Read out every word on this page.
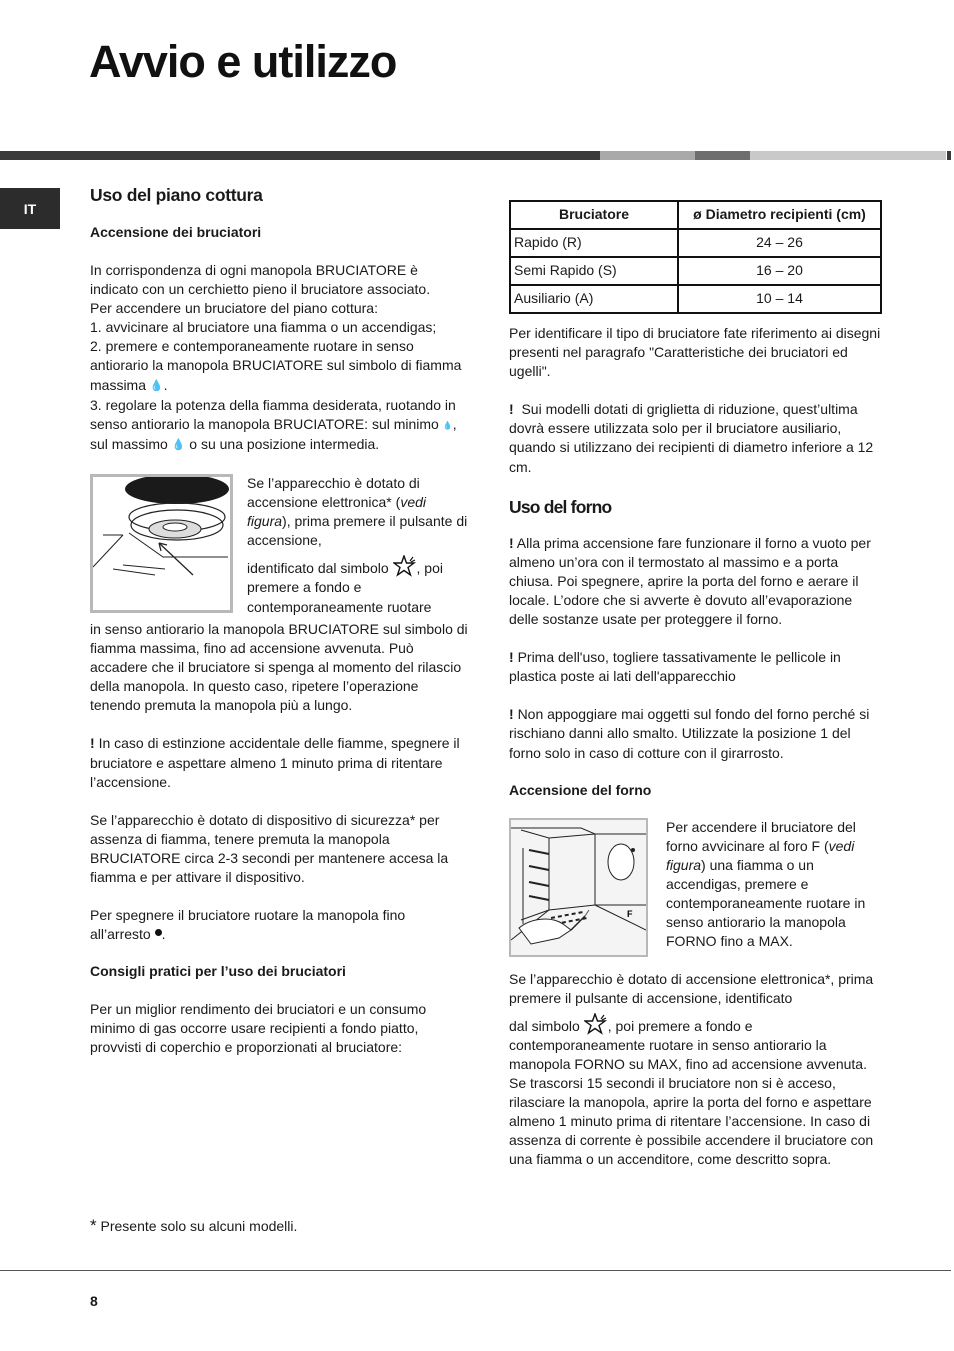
Avvio e utilizzo
IT
Uso del piano cottura
Accensione dei bruciatori

In corrispondenza di ogni manopola BRUCIATORE è indicato con un cerchietto pieno il bruciatore associato.

Per accendere un bruciatore del piano cottura:

1. avvicinare al bruciatore una fiamma o un accendigas;

2. premere e contemporaneamente ruotare in senso antiorario la manopola BRUCIATORE sul simbolo di fiamma massima 💧.

3. regolare la potenza della fiamma desiderata, ruotando in senso antiorario la manopola BRUCIATORE: sul minimo 💧, sul massimo 💧 o su una posizione intermedia.

Se l’apparecchio è dotato di accensione elettronica* (vedi figura), prima premere il pulsante di accensione,

identificato dal simbolo , poi

premere a fondo e contemporaneamente ruotare

in senso antiorario la manopola BRUCIATORE sul simbolo di fiamma massima, fino ad accensione avvenuta. Può accadere che il bruciatore si spenga al momento del rilascio della manopola. In questo caso, ripetere l’operazione tenendo premuta la manopola più a lungo.

! In caso di estinzione accidentale delle fiamme, spegnere il bruciatore e aspettare almeno 1 minuto prima di ritentare l’accensione.

Se l’apparecchio è dotato di dispositivo di sicurezza* per assenza di fiamma, tenere premuta la manopola BRUCIATORE circa 2-3 secondi per mantenere accesa la fiamma e per attivare il dispositivo.

Per spegnere il bruciatore ruotare la manopola fino all’arresto .

Consigli pratici per l’uso dei bruciatori

Per un miglior rendimento dei bruciatori e un consumo minimo di gas occorre usare recipienti a fondo piatto, provvisti di coperchio e proporzionati al bruciatore:

* Presente solo su alcuni modelli.
Bruciatore	ø Diametro recipienti (cm)
Rapido (R)	24 – 26
Semi Rapido (S)	16 – 20
Ausiliario (A)	10 – 14

Per identificare il tipo di bruciatore fate riferimento ai disegni presenti nel paragrafo "Caratteristiche dei bruciatori ed ugelli".

! Sui modelli dotati di griglietta di riduzione, quest’ultima dovrà essere utilizzata solo per il bruciatore ausiliario, quando si utilizzano dei recipienti di diametro inferiore a 12 cm.

Uso del forno

! Alla prima accensione fare funzionare il forno a vuoto per almeno un’ora con il termostato al massimo e a porta chiusa. Poi spegnere, aprire la porta del forno e aerare il locale. L’odore che si avverte è dovuto all’evaporazione delle sostanze usate per proteggere il forno.

! Prima dell'uso, togliere tassativamente le pellicole in plastica poste ai lati dell'apparecchio

! Non appoggiare mai oggetti sul fondo del forno perché si rischiano danni allo smalto. Utilizzate la posizione 1 del forno solo in caso di cotture con il girarrosto.

Accensione del forno
F

Per accendere il bruciatore del forno avvicinare al foro F (vedi figura) una fiamma o un accendigas, premere e contemporaneamente ruotare in senso antiorario la manopola FORNO fino a MAX.

Se l’apparecchio è dotato di accensione elettronica*, prima premere il pulsante di accensione, identificato

dal simbolo , poi premere a fondo e

contemporaneamente ruotare in senso antiorario la manopola FORNO su MAX, fino ad accensione avvenuta. Se trascorsi 15 secondi il bruciatore non si è acceso, rilasciare la manopola, aprire la porta del forno e aspettare almeno 1 minuto prima di ritentare l’accensione. In caso di assenza di corrente è possibile accendere il bruciatore con una fiamma o un accenditore, come descritto sopra.

8
